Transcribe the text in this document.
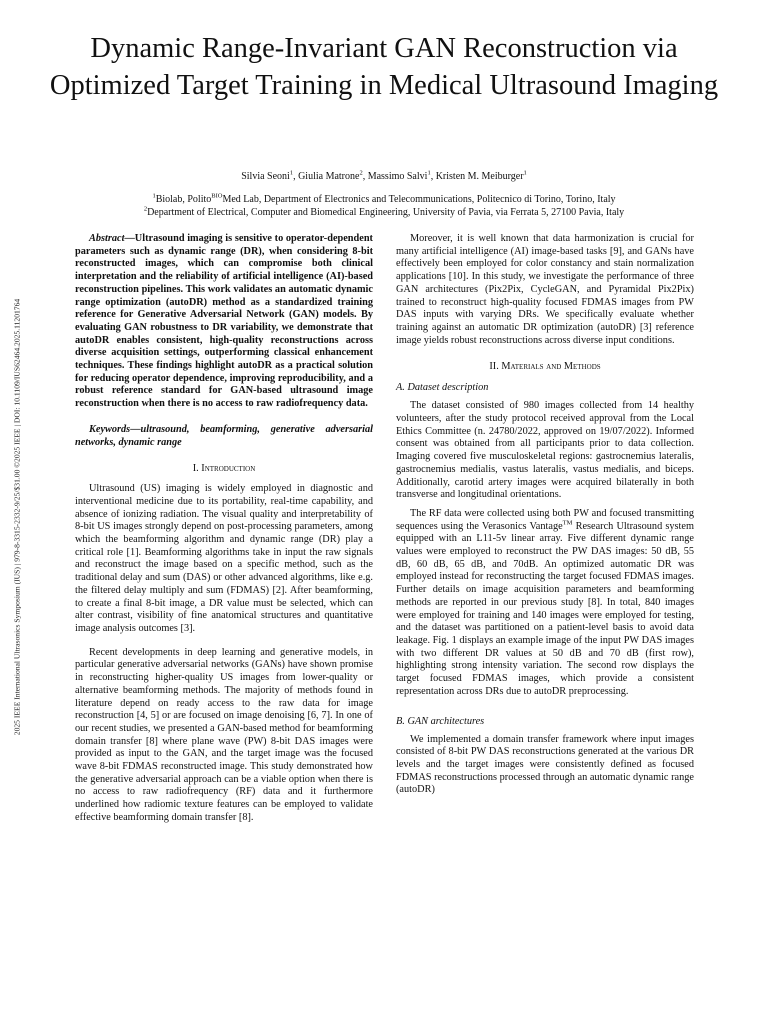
Dynamic Range-Invariant GAN Reconstruction via Optimized Target Training in Medical Ultrasound Imaging
Silvia Seoni$^1$, Giulia Matrone$^2$, Massimo Salvi$^1$, Kristen M. Meiburger$^1$
$^1$Biolab, Polito$^{BIO}$Med Lab, Department of Electronics and Telecommunications, Politecnico di Torino, Torino, Italy
$^2$Department of Electrical, Computer and Biomedical Engineering, University of Pavia, via Ferrata 5, 27100 Pavia, Italy
2025 IEEE International Ultrasonics Symposium (IUS) | 979-8-3315-2332-9/25/$31.00 ©2025 IEEE | DOI: 10.1109/IUS62464.2025.11201764

Abstract—Ultrasound imaging is sensitive to operator-dependent parameters such as dynamic range (DR), when considering 8-bit reconstructed images, which can compromise both clinical interpretation and the reliability of artificial intelligence (AI)-based reconstruction pipelines. This work validates an automatic dynamic range optimization (autoDR) method as a standardized training reference for Generative Adversarial Network (GAN) models. By evaluating GAN robustness to DR variability, we demonstrate that autoDR enables consistent, high-quality reconstructions across diverse acquisition settings, outperforming classical enhancement techniques. These findings highlight autoDR as a practical solution for reducing operator dependence, improving reproducibility, and a robust reference standard for GAN-based ultrasound image reconstruction when there is no access to raw radiofrequency data.

Keywords—ultrasound, beamforming, generative adversarial networks, dynamic range

I. Introduction

Ultrasound (US) imaging is widely employed in diagnostic and interventional medicine due to its portability, real-time capability, and absence of ionizing radiation. The visual quality and interpretability of 8-bit US images strongly depend on post-processing parameters, among which the beamforming algorithm and dynamic range (DR) play a critical role [1]. Beamforming algorithms take in input the raw signals and reconstruct the image based on a specific method, such as the traditional delay and sum (DAS) or other advanced algorithms, like e.g. the filtered delay multiply and sum (FDMAS) [2]. After beamforming, to create a final 8-bit image, a DR value must be selected, which can alter contrast, visibility of fine anatomical structures and quantitative image analysis outcomes [3].

Recent developments in deep learning and generative models, in particular generative adversarial networks (GANs) have shown promise in reconstructing higher-quality US images from lower-quality or alternative beamforming methods. The majority of methods found in literature depend on ready access to the raw data for image reconstruction [4, 5] or are focused on image denoising [6, 7]. In one of our recent studies, we presented a GAN-based method for beamforming domain transfer [8] where plane wave (PW) 8-bit DAS images were provided as input to the GAN, and the target image was the focused wave 8-bit FDMAS reconstructed image. This study demonstrated how the generative adversarial approach can be a viable option when there is no access to raw radiofrequency (RF) data and it furthermore underlined how radiomic texture features can be employed to validate effective beamforming domain transfer [8].

Moreover, it is well known that data harmonization is crucial for many artificial intelligence (AI) image-based tasks [9], and GANs have effectively been employed for color constancy and stain normalization applications [10]. In this study, we investigate the performance of three GAN architectures (Pix2Pix, CycleGAN, and Pyramidal Pix2Pix) trained to reconstruct high-quality focused FDMAS images from PW DAS inputs with varying DRs. We specifically evaluate whether training against an automatic DR optimization (autoDR) [3] reference image yields robust reconstructions across diverse input conditions.

II. Materials and Methods
A. Dataset description

The dataset consisted of 980 images collected from 14 healthy volunteers, after the study protocol received approval from the Local Ethics Committee (n. 24780/2022, approved on 19/07/2022). Informed consent was obtained from all participants prior to data collection. Imaging covered five musculoskeletal regions: gastrocnemius lateralis, gastrocnemius medialis, vastus lateralis, vastus medialis, and biceps. Additionally, carotid artery images were acquired bilaterally in both transverse and longitudinal orientations.

The RF data were collected using both PW and focused transmitting sequences using the Verasonics Vantage™ Research Ultrasound system equipped with an L11-5v linear array. Five different dynamic range values were employed to reconstruct the PW DAS images: 50 dB, 55 dB, 60 dB, 65 dB, and 70dB. An optimized automatic DR was employed instead for reconstructing the target focused FDMAS images. Further details on image acquisition parameters and beamforming methods are reported in our previous study [8]. In total, 840 images were employed for training and 140 images were employed for testing, and the dataset was partitioned on a patient-level basis to avoid data leakage. Fig. 1 displays an example image of the input PW DAS images with two different DR values at 50 dB and 70 dB (first row), highlighting strong intensity variation. The second row displays the target focused FDMAS images, which provide a consistent representation across DRs due to autoDR preprocessing.

B. GAN architectures

We implemented a domain transfer framework where input images consisted of 8-bit PW DAS reconstructions generated at the various DR levels and the target images were consistently defined as focused FDMAS reconstructions processed through an automatic dynamic range (autoDR)
